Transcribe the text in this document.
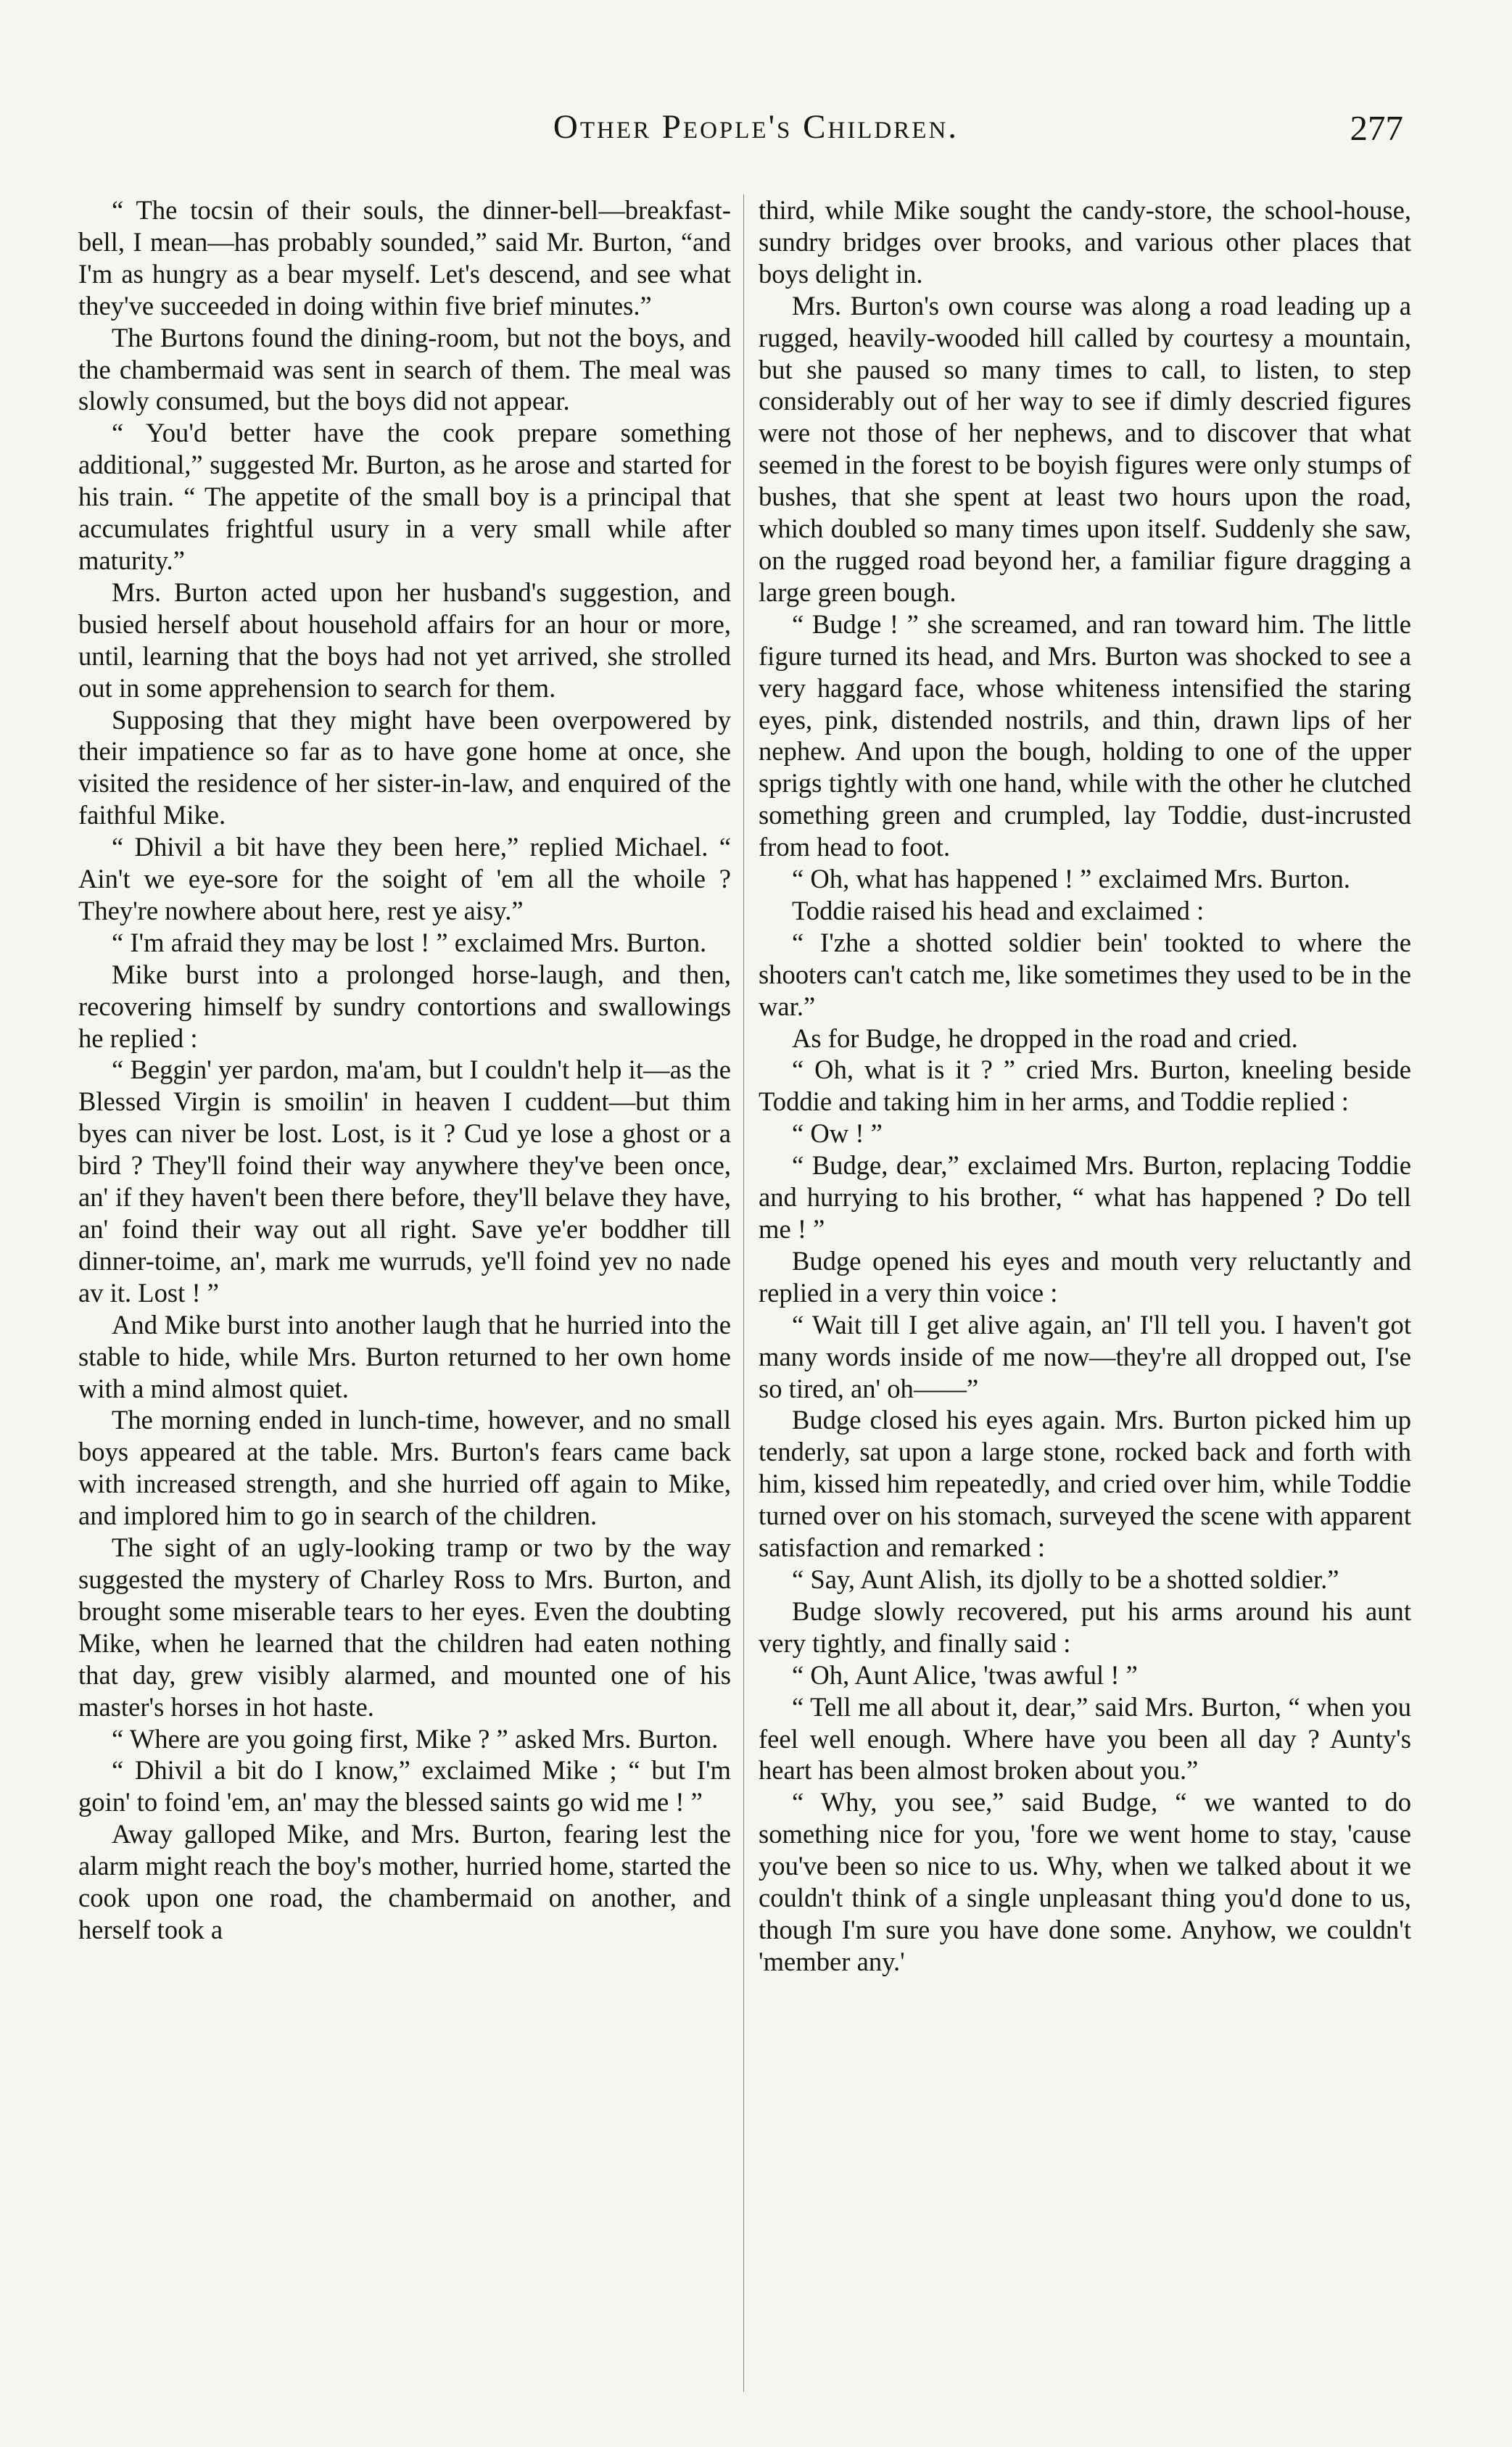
Other People's Children.	277

“ The tocsin of their souls, the dinner-bell—breakfast-bell, I mean—has probably sounded,” said Mr. Burton, “and I'm as hungry as a bear myself. Let's descend, and see what they've succeeded in doing within five brief minutes.”

The Burtons found the dining-room, but not the boys, and the chambermaid was sent in search of them. The meal was slowly consumed, but the boys did not appear.

“ You'd better have the cook prepare something additional,” suggested Mr. Burton, as he arose and started for his train. “ The appetite of the small boy is a principal that accumulates frightful usury in a very small while after maturity.”

Mrs. Burton acted upon her husband's suggestion, and busied herself about household affairs for an hour or more, until, learning that the boys had not yet arrived, she strolled out in some apprehension to search for them.

Supposing that they might have been overpowered by their impatience so far as to have gone home at once, she visited the residence of her sister-in-law, and enquired of the faithful Mike.

“ Dhivil a bit have they been here,” replied Michael. “ Ain't we eye-sore for the soight of 'em all the whoile ? They're nowhere about here, rest ye aisy.”

“ I'm afraid they may be lost ! ” exclaimed Mrs. Burton.

Mike burst into a prolonged horse-laugh, and then, recovering himself by sundry contortions and swallowings he replied :

“ Beggin' yer pardon, ma'am, but I couldn't help it—as the Blessed Virgin is smoilin' in heaven I cuddent—but thim byes can niver be lost. Lost, is it ? Cud ye lose a ghost or a bird ? They'll foind their way anywhere they've been once, an' if they haven't been there before, they'll belave they have, an' foind their way out all right. Save ye'er boddher till dinner-toime, an', mark me wurruds, ye'll foind yev no nade av it. Lost ! ”

And Mike burst into another laugh that he hurried into the stable to hide, while Mrs. Burton returned to her own home with a mind almost quiet.

The morning ended in lunch-time, however, and no small boys appeared at the table. Mrs. Burton's fears came back with increased strength, and she hurried off again to Mike, and implored him to go in search of the children.

The sight of an ugly-looking tramp or two by the way suggested the mystery of Charley Ross to Mrs. Burton, and brought some miserable tears to her eyes. Even the doubting Mike, when he learned that the children had eaten nothing that day, grew visibly alarmed, and mounted one of his master's horses in hot haste.

“ Where are you going first, Mike ? ” asked Mrs. Burton.

“ Dhivil a bit do I know,” exclaimed Mike ; “ but I'm goin' to foind 'em, an' may the blessed saints go wid me ! ”

Away galloped Mike, and Mrs. Burton, fearing lest the alarm might reach the boy's mother, hurried home, started the cook upon one road, the chambermaid on another, and herself took a

third, while Mike sought the candy-store, the school-house, sundry bridges over brooks, and various other places that boys delight in.

Mrs. Burton's own course was along a road leading up a rugged, heavily-wooded hill called by courtesy a mountain, but she paused so many times to call, to listen, to step considerably out of her way to see if dimly descried figures were not those of her nephews, and to discover that what seemed in the forest to be boyish figures were only stumps of bushes, that she spent at least two hours upon the road, which doubled so many times upon itself. Suddenly she saw, on the rugged road beyond her, a familiar figure dragging a large green bough.

“ Budge ! ” she screamed, and ran toward him. The little figure turned its head, and Mrs. Burton was shocked to see a very haggard face, whose whiteness intensified the staring eyes, pink, distended nostrils, and thin, drawn lips of her nephew. And upon the bough, holding to one of the upper sprigs tightly with one hand, while with the other he clutched something green and crumpled, lay Toddie, dust-incrusted from head to foot.

“ Oh, what has happened ! ” exclaimed Mrs. Burton.

Toddie raised his head and exclaimed :

“ I'zhe a shotted soldier bein' tookted to where the shooters can't catch me, like sometimes they used to be in the war.”

As for Budge, he dropped in the road and cried.

“ Oh, what is it ? ” cried Mrs. Burton, kneeling beside Toddie and taking him in her arms, and Toddie replied :

“ Ow ! ”

“ Budge, dear,” exclaimed Mrs. Burton, replacing Toddie and hurrying to his brother, “ what has happened ? Do tell me ! ”

Budge opened his eyes and mouth very reluctantly and replied in a very thin voice :

“ Wait till I get alive again, an' I'll tell you. I haven't got many words inside of me now—they're all dropped out, I'se so tired, an' oh——”

Budge closed his eyes again. Mrs. Burton picked him up tenderly, sat upon a large stone, rocked back and forth with him, kissed him repeatedly, and cried over him, while Toddie turned over on his stomach, surveyed the scene with apparent satisfaction and remarked :

“ Say, Aunt Alish, its djolly to be a shotted soldier.”

Budge slowly recovered, put his arms around his aunt very tightly, and finally said :

“ Oh, Aunt Alice, 'twas awful ! ”

“ Tell me all about it, dear,” said Mrs. Burton, “ when you feel well enough. Where have you been all day ? Aunty's heart has been almost broken about you.”

“ Why, you see,” said Budge, “ we wanted to do something nice for you, 'fore we went home to stay, 'cause you've been so nice to us. Why, when we talked about it we couldn't think of a single unpleasant thing you'd done to us, though I'm sure you have done some. Anyhow, we couldn't 'member any.'
